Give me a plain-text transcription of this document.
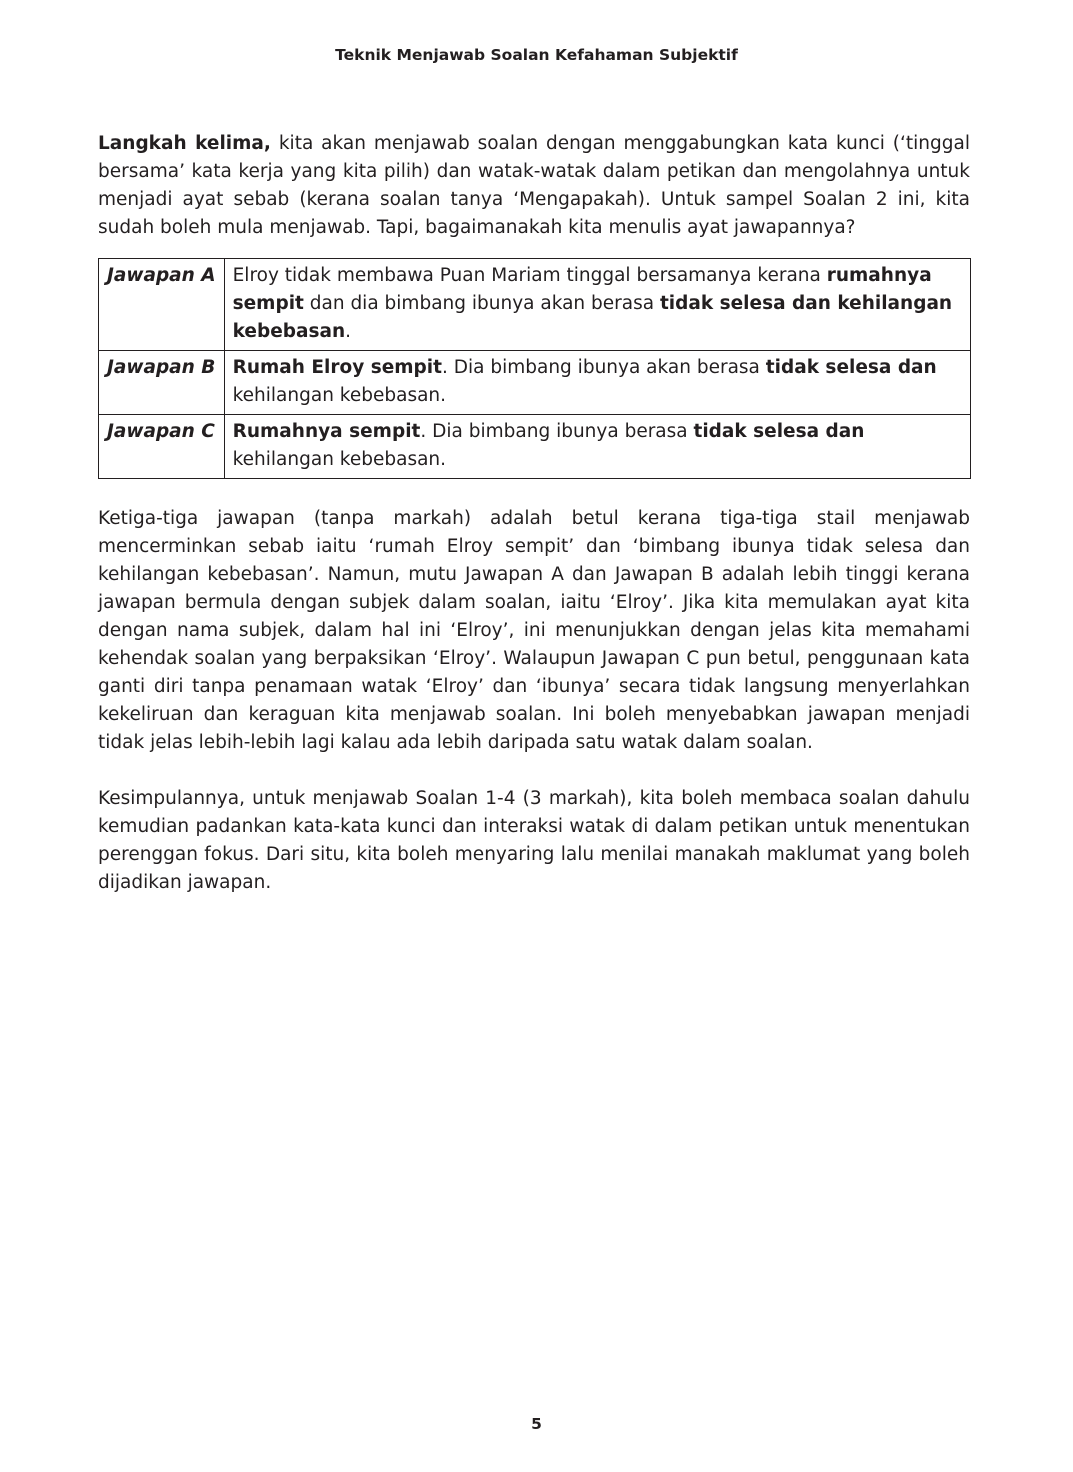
Teknik Menjawab Soalan Kefahaman Subjektif

Langkah kelima, kita akan menjawab soalan dengan menggabungkan kata kunci (‘tinggal bersama’ kata kerja yang kita pilih) dan watak-watak dalam petikan dan mengolahnya untuk menjadi ayat sebab (kerana soalan tanya ‘Mengapakah). Untuk sampel Soalan 2 ini, kita sudah boleh mula menjawab. Tapi, bagaimanakah kita menulis ayat jawapannya?

Jawapan A	Elroy tidak membawa Puan Mariam tinggal bersamanya kerana rumahnya sempit dan dia bimbang ibunya akan berasa tidak selesa dan kehilangan kebebasan.
Jawapan B	Rumah Elroy sempit. Dia bimbang ibunya akan berasa tidak selesa dan kehilangan kebebasan.
Jawapan C	Rumahnya sempit. Dia bimbang ibunya berasa tidak selesa dan kehilangan kebebasan.

Ketiga-tiga jawapan (tanpa markah) adalah betul kerana tiga-tiga stail menjawab mencerminkan sebab iaitu ‘rumah Elroy sempit’ dan ‘bimbang ibunya tidak selesa dan kehilangan kebebasan’. Namun, mutu Jawapan A dan Jawapan B adalah lebih tinggi kerana jawapan bermula dengan subjek dalam soalan, iaitu ‘Elroy’. Jika kita memulakan ayat kita dengan nama subjek, dalam hal ini ‘Elroy’, ini menunjukkan dengan jelas kita memahami kehendak soalan yang berpaksikan ‘Elroy’. Walaupun Jawapan C pun betul, penggunaan kata ganti diri tanpa penamaan watak ‘Elroy’ dan ‘ibunya’ secara tidak langsung menyerlahkan kekeliruan dan keraguan kita menjawab soalan. Ini boleh menyebabkan jawapan menjadi tidak jelas lebih-lebih lagi kalau ada lebih daripada satu watak dalam soalan.

Kesimpulannya, untuk menjawab Soalan 1-4 (3 markah), kita boleh membaca soalan dahulu kemudian padankan kata-kata kunci dan interaksi watak di dalam petikan untuk menentukan perenggan fokus. Dari situ, kita boleh menyaring lalu menilai manakah maklumat yang boleh dijadikan jawapan.

5
